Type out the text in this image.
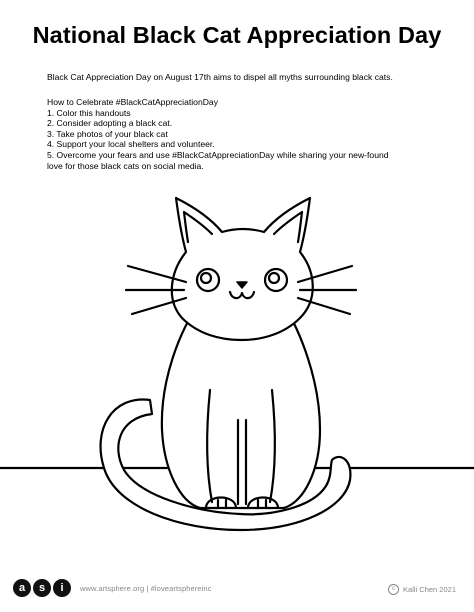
National Black Cat Appreciation Day
Black Cat Appreciation Day on August 17th aims to dispel all myths surrounding black cats.
How to Celebrate #BlackCatAppreciationDay
1. Color this handouts
2. Consider adopting a black cat.
3. Take photos of your black cat
4. Support your local shelters and volunteer.
5. Overcome your fears and use #BlackCatAppreciationDay while sharing your new-found
love for those black cats on social media.
a	s	i	www.artsphere.org | #loveartsphereinc	c	Kalli Chen 2021
